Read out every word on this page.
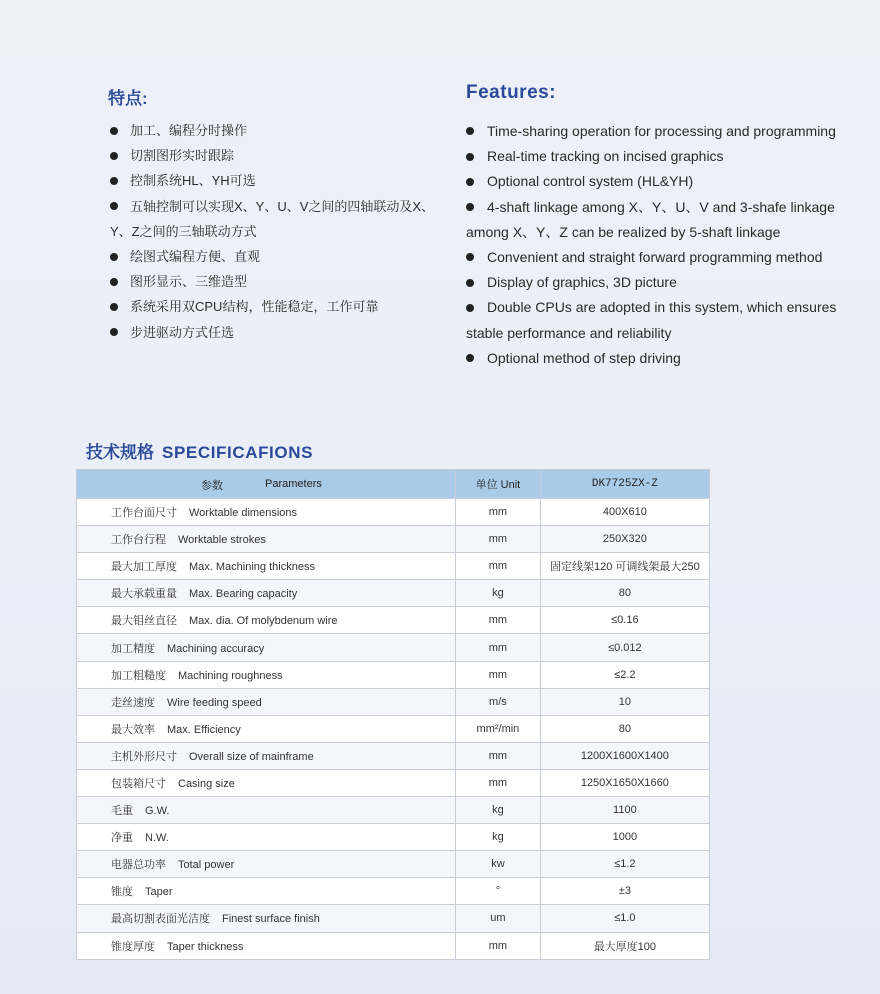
特点:	Features:
加工、编程分时操作
切割图形实时跟踪
控制系统HL、YH可选
五轴控制可以实现X、Y、U、V之间的四轴联动及X、Y、Z之间的三轴联动方式
绘图式编程方便、直观
图形显示、三维造型
系统采用双CPU结构，性能稳定，工作可靠
步进驱动方式任选
Time-sharing operation for processing and programming
Real-time tracking on incised graphics
Optional control system (HL&YH)
4-shaft linkage among X、Y、U、V and 3-shafe linkage among X、Y、Z can be realized by 5-shaft linkage
Convenient and straight forward programming method
Display of graphics, 3D picture
Double CPUs are adopted in this system, which ensures stable performance and reliability
Optional method of step driving
技术规格 SPECIFICAFIONS
参数 Parameters	单位 Unit	DK7725ZX-Z
工作台面尺寸 Worktable dimensions	mm	400X610
工作台行程 Worktable strokes	mm	250X320
最大加工厚度 Max. Machining thickness	mm	固定线架120 可调线架最大250
最大承载重量 Max. Bearing capacity	kg	80
最大钼丝直径 Max. dia. Of molybdenum wire	mm	≤0.16
加工精度 Machining accuracy	mm	≤0.012
加工粗糙度 Machining roughness	mm	≤2.2
走丝速度 Wire feeding speed	m/s	10
最大效率 Max. Efficiency	mm²/min	80
主机外形尺寸 Overall size of mainframe	mm	1200X1600X1400
包装箱尺寸 Casing size	mm	1250X1650X1660
毛重 G.W.	kg	1100
净重 N.W.	kg	1000
电器总功率 Total power	kw	≤1.2
锥度 Taper	°	±3
最高切割表面光洁度 Finest surface finish	um	≤1.0
锥度厚度 Taper thickness	mm	最大厚度100
